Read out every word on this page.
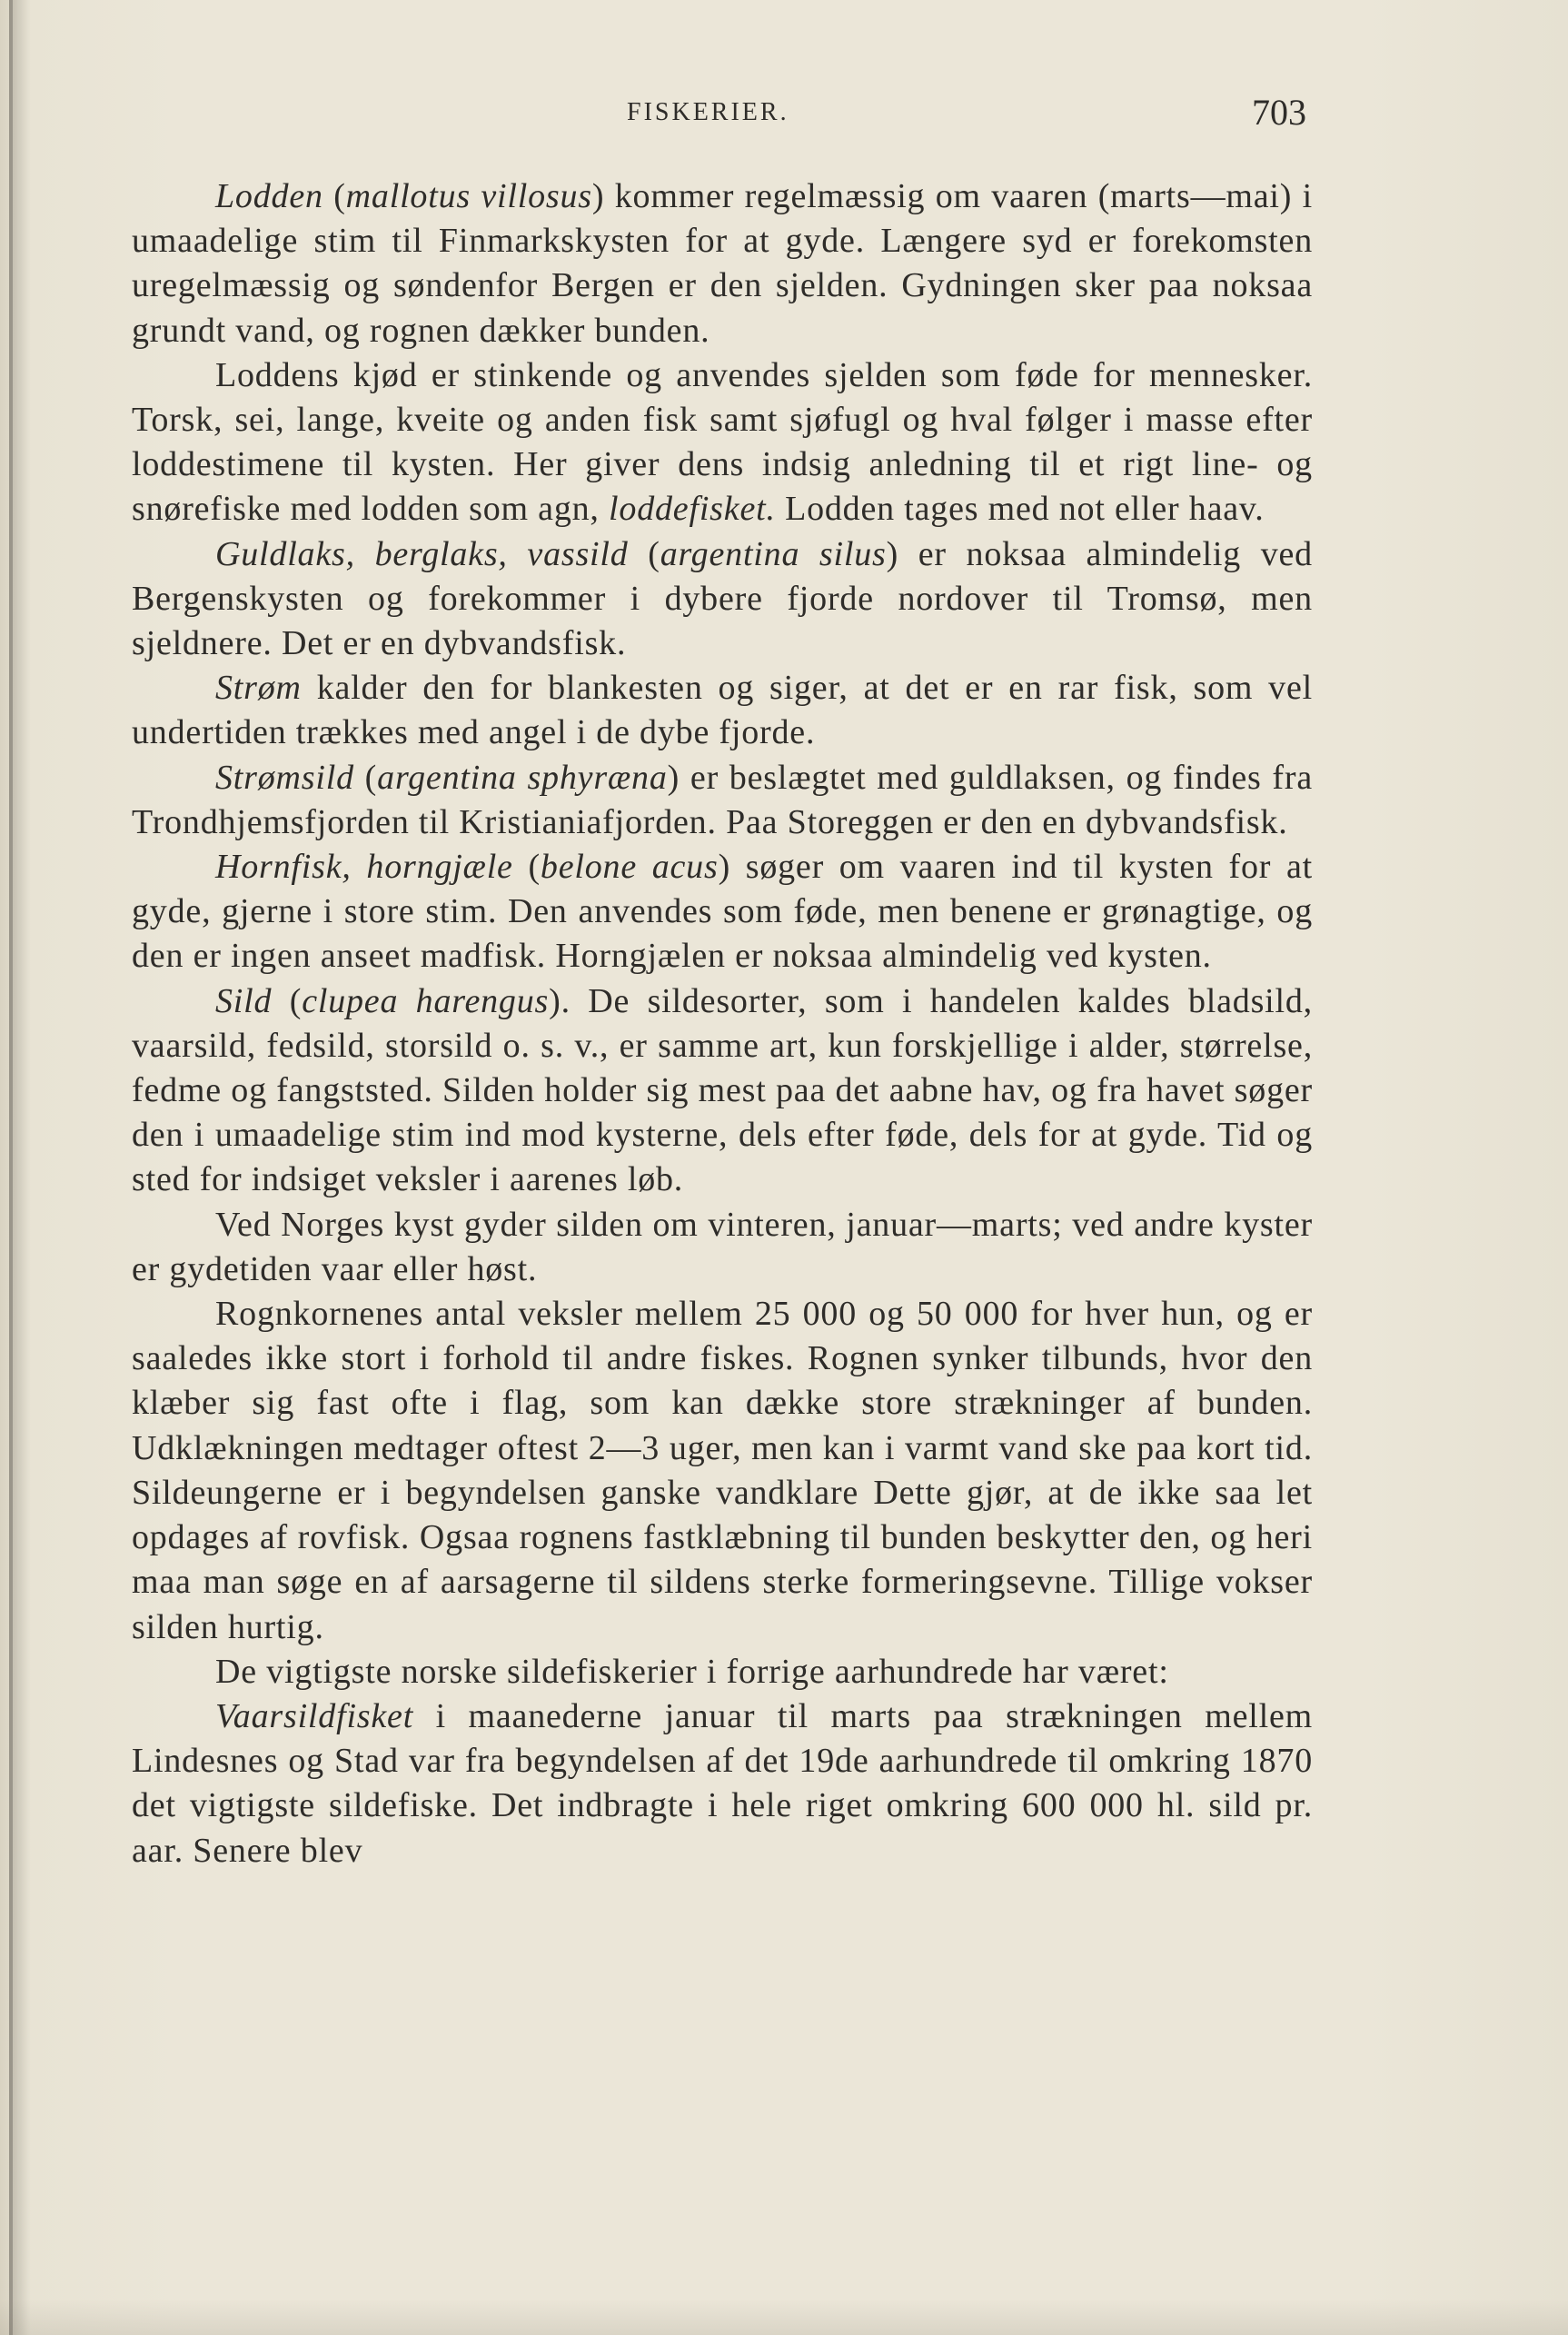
FISKERIER.	703

Lodden (mallotus villosus) kommer regelmæssig om vaaren (marts—mai) i umaadelige stim til Finmarkskysten for at gyde. Længere syd er forekomsten uregelmæssig og søndenfor Bergen er den sjelden. Gydningen sker paa noksaa grundt vand, og rognen dækker bunden.

Loddens kjød er stinkende og anvendes sjelden som føde for mennesker. Torsk, sei, lange, kveite og anden fisk samt sjøfugl og hval følger i masse efter loddestimene til kysten. Her giver dens indsig anledning til et rigt line- og snørefiske med lodden som agn, loddefisket. Lodden tages med not eller haav.

Guldlaks, berglaks, vassild (argentina silus) er noksaa almindelig ved Bergenskysten og forekommer i dybere fjorde nordover til Tromsø, men sjeldnere. Det er en dybvandsfisk.

Strøm kalder den for blankesten og siger, at det er en rar fisk, som vel undertiden trækkes med angel i de dybe fjorde.

Strømsild (argentina sphyræna) er beslægtet med guldlaksen, og findes fra Trondhjemsfjorden til Kristianiafjorden. Paa Storeggen er den en dybvandsfisk.

Hornfisk, horngjæle (belone acus) søger om vaaren ind til kysten for at gyde, gjerne i store stim. Den anvendes som føde, men benene er grønagtige, og den er ingen anseet madfisk. Horngjælen er noksaa almindelig ved kysten.

Sild (clupea harengus). De sildesorter, som i handelen kaldes bladsild, vaarsild, fedsild, storsild o. s. v., er samme art, kun forskjellige i alder, størrelse, fedme og fangststed. Silden holder sig mest paa det aabne hav, og fra havet søger den i umaadelige stim ind mod kysterne, dels efter føde, dels for at gyde. Tid og sted for indsiget veksler i aarenes løb.

Ved Norges kyst gyder silden om vinteren, januar—marts; ved andre kyster er gydetiden vaar eller høst.

Rognkornenes antal veksler mellem 25 000 og 50 000 for hver hun, og er saaledes ikke stort i forhold til andre fiskes. Rognen synker tilbunds, hvor den klæber sig fast ofte i flag, som kan dække store strækninger af bunden. Udklækningen medtager oftest 2—3 uger, men kan i varmt vand ske paa kort tid. Sildeungerne er i begyndelsen ganske vandklare Dette gjør, at de ikke saa let opdages af rovfisk. Ogsaa rognens fastklæbning til bunden beskytter den, og heri maa man søge en af aarsagerne til sildens sterke formeringsevne. Tillige vokser silden hurtig.

De vigtigste norske sildefiskerier i forrige aarhundrede har været:

Vaarsildfisket i maanederne januar til marts paa strækningen mellem Lindesnes og Stad var fra begyndelsen af det 19de aarhundrede til omkring 1870 det vigtigste sildefiske. Det indbragte i hele riget omkring 600 000 hl. sild pr. aar. Senere blev
